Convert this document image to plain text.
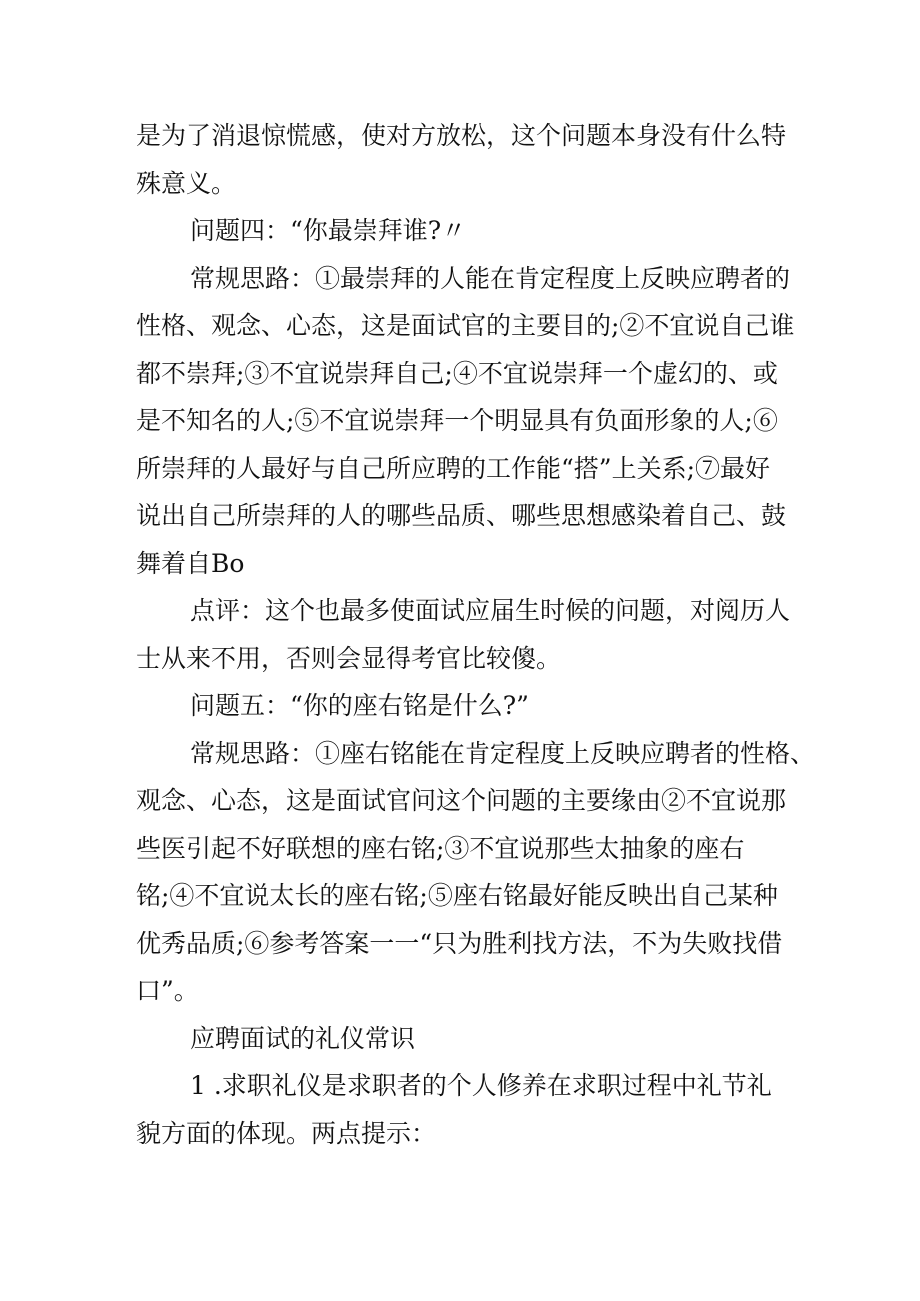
是为了消退惊慌感，使对方放松，这个问题本身没有什么特
殊意义。
问题四：“你最崇拜谁?〃
常规思路：①最崇拜的人能在肯定程度上反映应聘者的
性格、观念、心态，这是面试官的主要目的;②不宜说自己谁
都不崇拜;③不宜说崇拜自己;④不宜说崇拜一个虚幻的、或
是不知名的人;⑤不宜说崇拜一个明显具有负面形象的人;⑥
所崇拜的人最好与自己所应聘的工作能“搭”上关系;⑦最好
说出自己所崇拜的人的哪些品质、哪些思想感染着自己、鼓
舞着自Bo
点评：这个也最多使面试应届生时候的问题，对阅历人
士从来不用，否则会显得考官比较傻。
问题五：“你的座右铭是什么?”
常规思路：①座右铭能在肯定程度上反映应聘者的性格、
观念、心态，这是面试官问这个问题的主要缘由②不宜说那
些医引起不好联想的座右铭;③不宜说那些太抽象的座右
铭;④不宜说太长的座右铭;⑤座右铭最好能反映出自己某种
优秀品质;⑥参考答案一一“只为胜利找方法，不为失败找借
口”。
应聘面试的礼仪常识
1 .求职礼仪是求职者的个人修养在求职过程中礼节礼
貌方面的体现。两点提示：
